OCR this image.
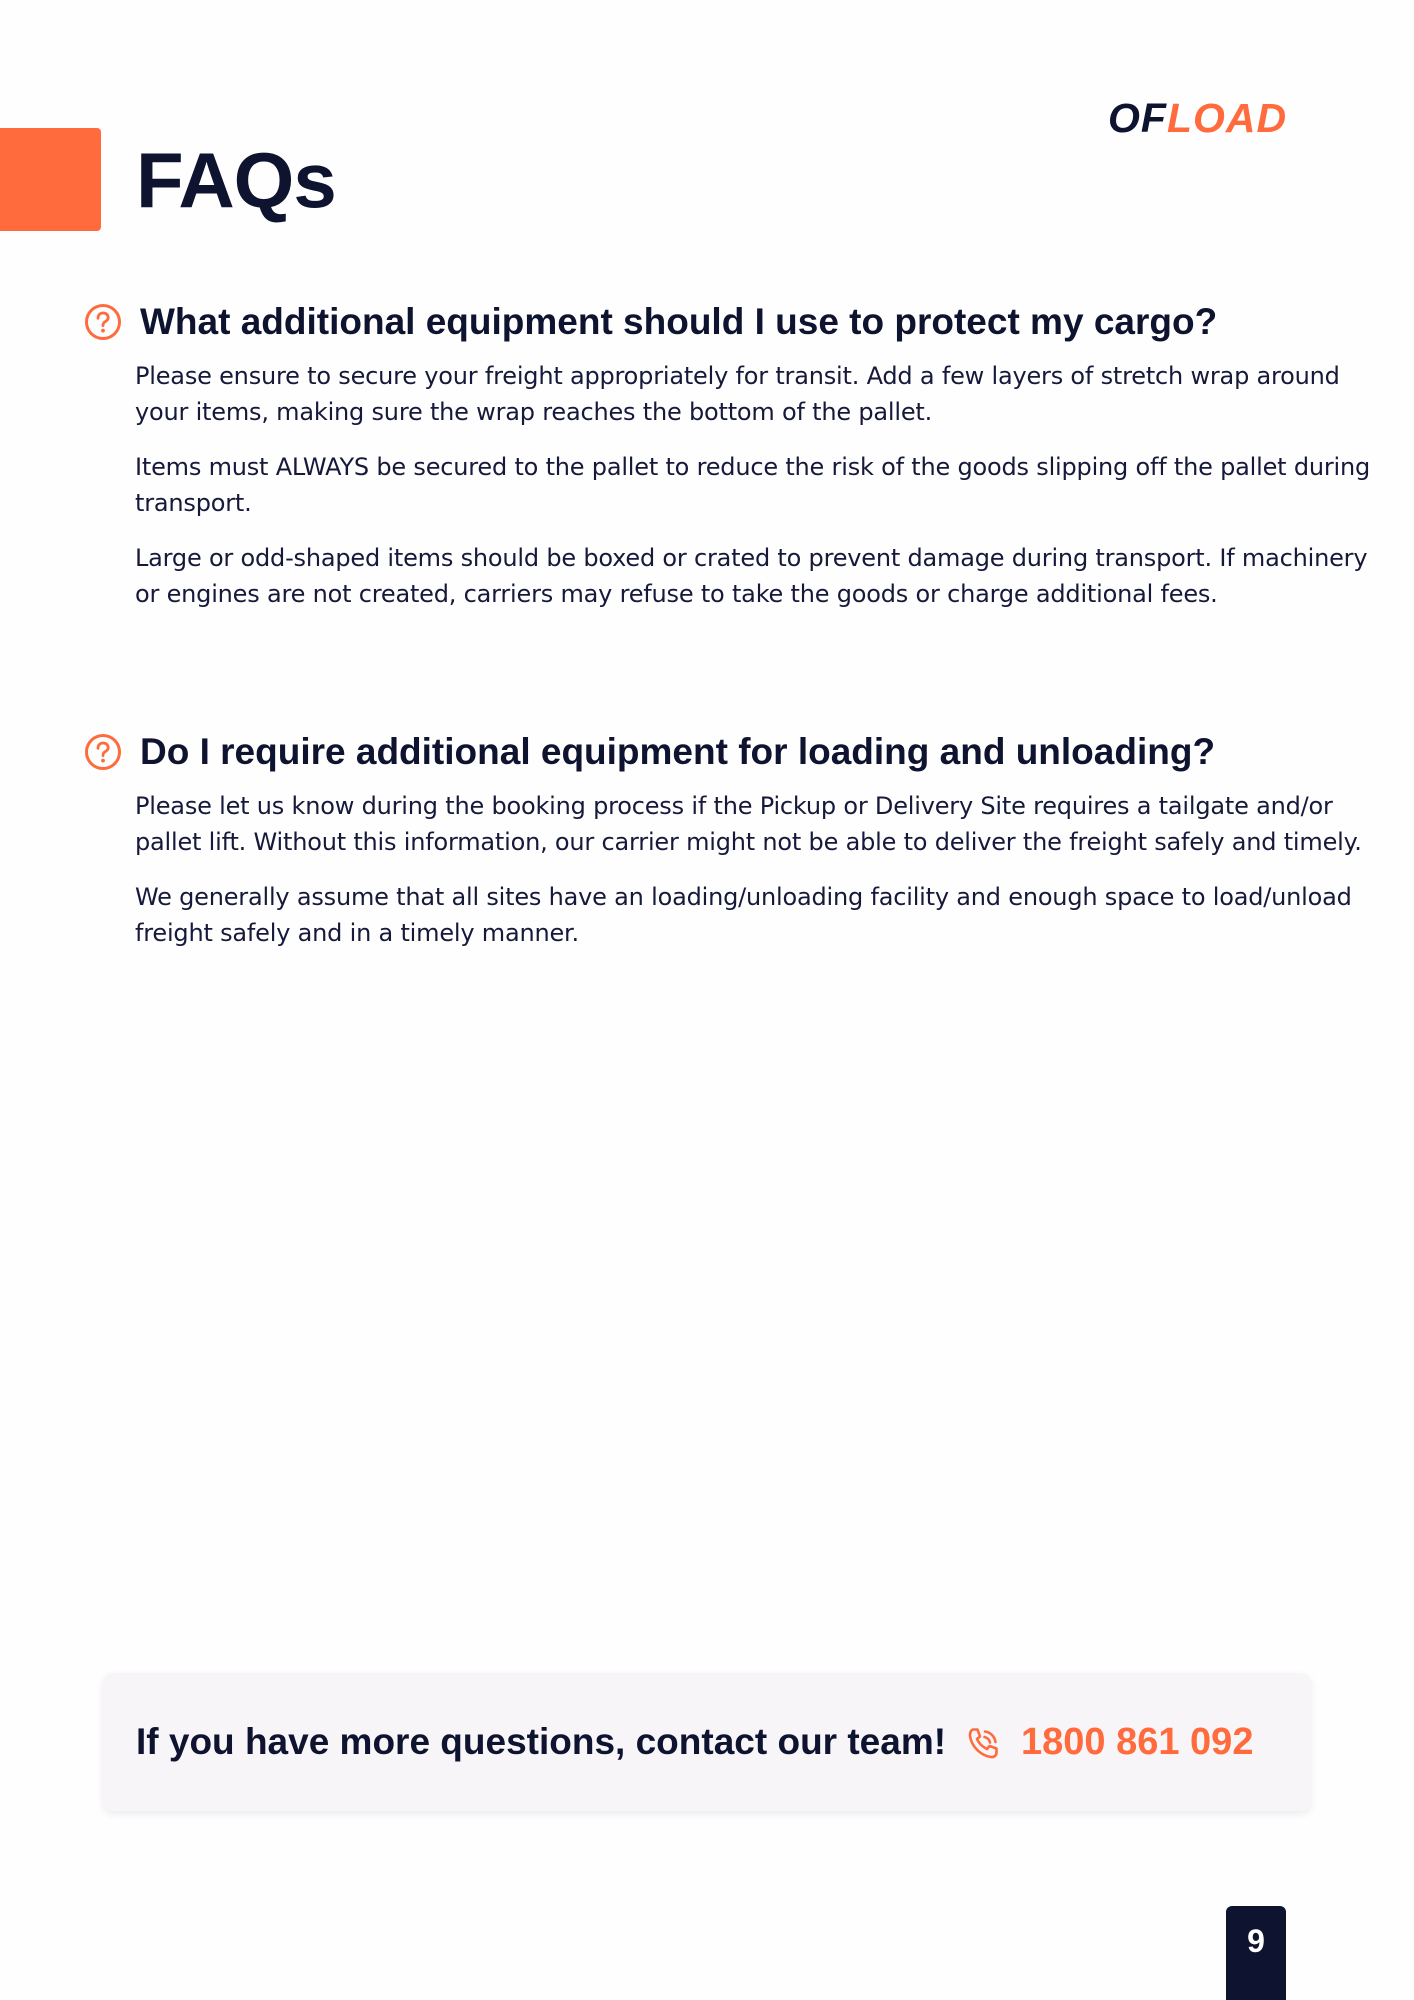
FAQs
OFLOAD
What additional equipment should I use to protect my cargo?

Please ensure to secure your freight appropriately for transit. Add a few layers of stretch wrap around your items, making sure the wrap reaches the bottom of the pallet.

Items must ALWAYS be secured to the pallet to reduce the risk of the goods slipping off the pallet during transport.

Large or odd-shaped items should be boxed or crated to prevent damage during transport. If machinery or engines are not created, carriers may refuse to take the goods or charge additional fees.

Do I require additional equipment for loading and unloading?

Please let us know during the booking process if the Pickup or Delivery Site requires a tailgate and/or pallet lift. Without this information, our carrier might not be able to deliver the freight safely and timely.

We generally assume that all sites have an loading/unloading facility and enough space to load/unload freight safely and in a timely manner.

If you have more questions, contact our team! 1800 861 092

9
